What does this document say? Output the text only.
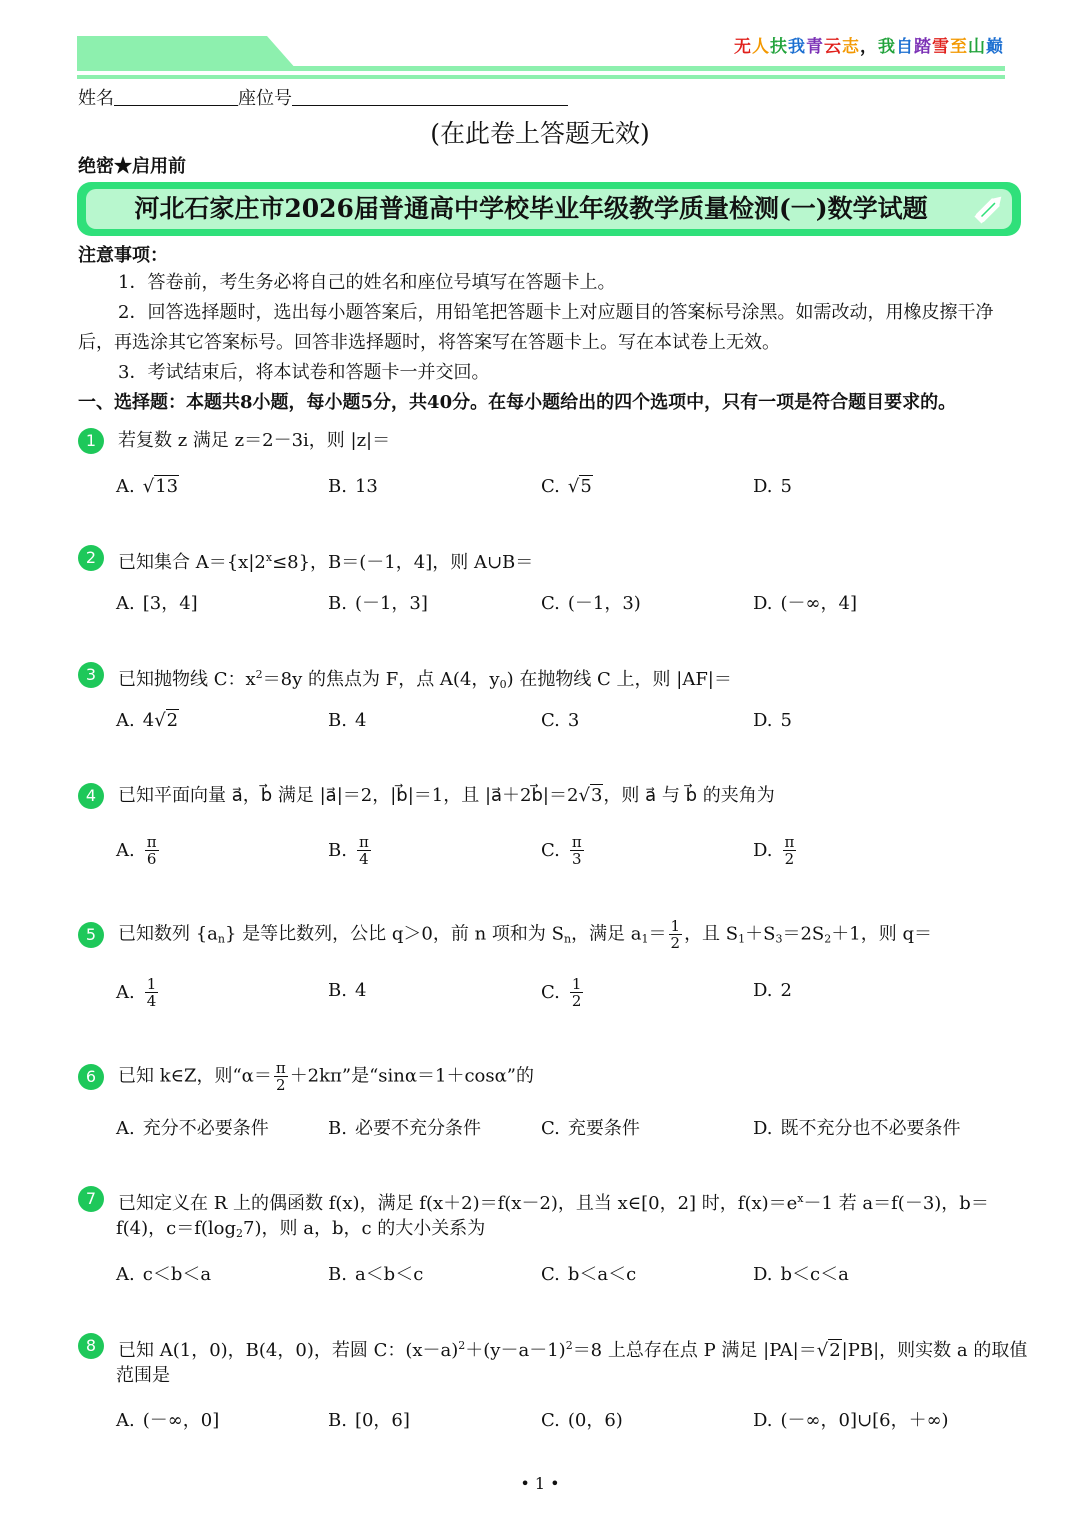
无人扶我青云志，我自踏雪至山巅
姓名	座位号
(在此卷上答题无效)
绝密★启用前
河北石家庄市2026届普通高中学校毕业年级教学质量检测(一)数学试题
注意事项：
1．答卷前，考生务必将自己的姓名和座位号填写在答题卡上。
2．回答选择题时，选出每小题答案后，用铅笔把答题卡上对应题目的答案标号涂黑。如需改动，用橡皮擦干净后，再选涂其它答案标号。回答非选择题时，将答案写在答题卡上。写在本试卷上无效。
3．考试结束后，将本试卷和答题卡一并交回。
一、选择题：本题共8小题，每小题5分，共40分。在每小题给出的四个选项中，只有一项是符合题目要求的。
1	若复数 z 满足 z＝2－3i，则 |z|＝
A. √13	B. 13	C. √5	D. 5
2	已知集合 $A=\{x|2^x\le 8\}$，B＝(－1，4]，则 A∪B＝
A. [3，4]	B. (－1，3]	C. (－1，3)	D. (－∞，4]
3	已知抛物线 C：$x^2=8y$ 的焦点为 F，点 A(4，$y_0$) 在抛物线 C 上，则 |AF|＝
A. 4√2	B. 4	C. 3	D. 5
4	已知平面向量 a⃗，b⃗ 满足 |a⃗|＝2，|b⃗|＝1，且 |a⃗＋2b⃗|＝2√3，则 a⃗ 与 b⃗ 的夹角为
A. $\frac{\pi}{6}$	B. $\frac{\pi}{4}$	C. $\frac{\pi}{3}$	D. $\frac{\pi}{2}$
5	已知数列 $\{a_n\}$ 是等比数列，公比 q＞0，前 n 项和为 $S_n$，满足 $a_1= \frac{1}{2}$ ，且 $S_1+S_3=2S_2+1$，则 q＝
A. $\frac{1}{4}$	B. 4	C. $\frac{1}{2}$	D. 2
6	已知 k∈Z，则“$\alpha= \frac{\pi}{2} +2k\pi$”是“sinα＝1＋cosα”的
A. 充分不必要条件	B. 必要不充分条件	C. 充要条件	D. 既不充分也不必要条件
7	已知定义在 R 上的偶函数 f(x)，满足 f(x＋2)＝f(x－2)，且当 x∈[0，2] 时，$f(x)=e^x-1$ 若 a＝f(－3)，b＝
f(4)，$c=f(\log_27)$，则 a，b，c 的大小关系为
A. c＜b＜a	B. a＜b＜c	C. b＜a＜c	D. b＜c＜a
8	已知 A(1，0)，B(4，0)，若圆 C：$(x-a)^2+(y-a-1)^2=8$ 上总存在点 P 满足 |PA|＝√2|PB|，则实数 a 的取值
范围是
A. (－∞，0]	B. [0，6]	C. (0，6)	D. (－∞，0]∪[6，＋∞)
• 1 •
